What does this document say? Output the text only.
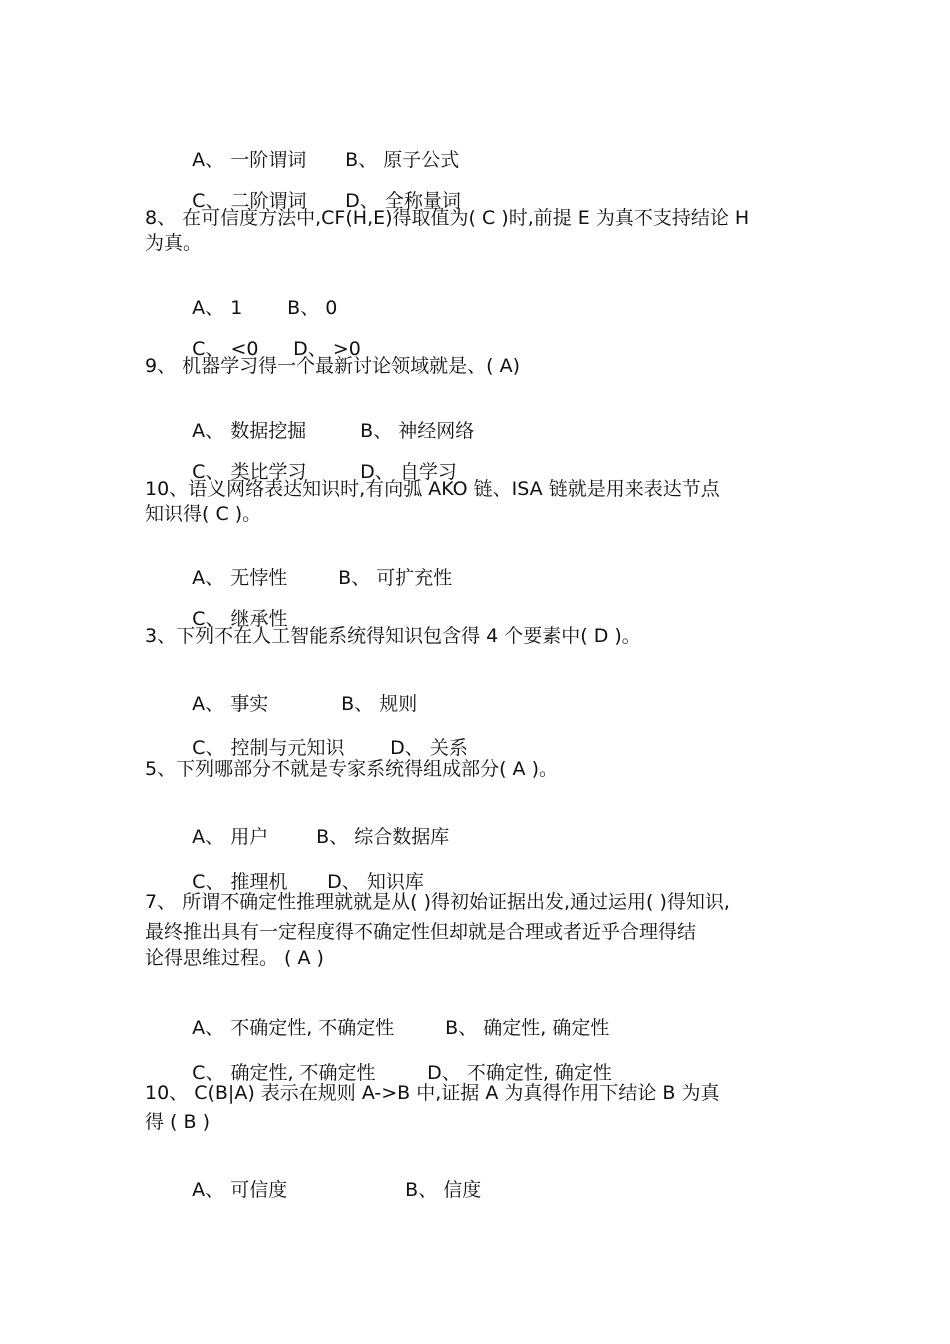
A、 一阶谓词 B、 原子公式

C、 二阶谓词 D、 全称量词

8、 在可信度方法中,CF(H,E)得取值为( C )时,前提 E 为真不支持结论 H
为真。

A、 1 B、 0

C、 <0 D、 >0

9、 机器学习得一个最新讨论领域就是、( A)

A、 数据挖掘	B、 神经网络

C、 类比学习	D、 自学习

10、语义网络表达知识时,有向弧 AKO 链、ISA 链就是用来表达节点
知识得( C )。

A、 无悖性	B、 可扩充性

C、 继承性

3、下列不在人工智能系统得知识包含得 4 个要素中( D )。

A、 事实	B、 规则

C、 控制与元知识 D、 关系

5、下列哪部分不就是专家系统得组成部分( A )。

A、 用户	B、 综合数据库

C、 推理机 D、 知识库

7、 所谓不确定性推理就就是从( )得初始证据出发,通过运用( )得知识,
最终推出具有一定程度得不确定性但却就是合理或者近乎合理得结
论得思维过程。 ( A )

A、 不确定性, 不确定性	B、 确定性, 确定性

C、 确定性, 不确定性	D、 不确定性, 确定性

10、 C(B|A) 表示在规则 A->B 中,证据 A 为真得作用下结论 B 为真
得 ( B )

A、 可信度	B、 信度
